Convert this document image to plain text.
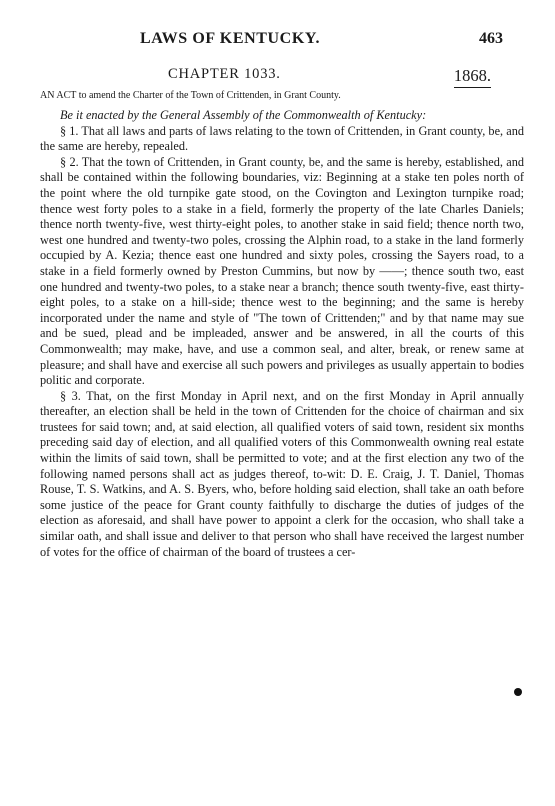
LAWS OF KENTUCKY.	463
CHAPTER 1033.	1868.
AN ACT to amend the Charter of the Town of Crittenden, in Grant County.

Be it enacted by the General Assembly of the Commonwealth of Kentucky:

§ 1. That all laws and parts of laws relating to the town of Crittenden, in Grant county, be, and the same are hereby, repealed.

§ 2. That the town of Crittenden, in Grant county, be, and the same is hereby, established, and shall be contained within the following boundaries, viz: Beginning at a stake ten poles north of the point where the old turnpike gate stood, on the Covington and Lexington turnpike road; thence west forty poles to a stake in a field, formerly the property of the late Charles Daniels; thence north twenty-five, west thirty-eight poles, to another stake in said field; thence north two, west one hundred and twenty-two poles, crossing the Alphin road, to a stake in the land formerly occupied by A. Kezia; thence east one hundred and sixty poles, crossing the Sayers road, to a stake in a field formerly owned by Preston Cummins, but now by ——; thence south two, east one hundred and twenty-two poles, to a stake near a branch; thence south twenty-five, east thirty-eight poles, to a stake on a hill-side; thence west to the beginning; and the same is hereby incorporated under the name and style of "The town of Crittenden;" and by that name may sue and be sued, plead and be impleaded, answer and be answered, in all the courts of this Commonwealth; may make, have, and use a common seal, and alter, break, or renew same at pleasure; and shall have and exercise all such powers and privileges as usually appertain to bodies politic and corporate.

§ 3. That, on the first Monday in April next, and on the first Monday in April annually thereafter, an election shall be held in the town of Crittenden for the choice of chairman and six trustees for said town; and, at said election, all qualified voters of said town, resident six months preceding said day of election, and all qualified voters of this Commonwealth owning real estate within the limits of said town, shall be permitted to vote; and at the first election any two of the following named persons shall act as judges thereof, to-wit: D. E. Craig, J. T. Daniel, Thomas Rouse, T. S. Watkins, and A. S. Byers, who, before holding said election, shall take an oath before some justice of the peace for Grant county faithfully to discharge the duties of judges of the election as aforesaid, and shall have power to appoint a clerk for the occasion, who shall take a similar oath, and shall issue and deliver to that person who shall have received the largest number of votes for the office of chairman of the board of trustees a cer-
